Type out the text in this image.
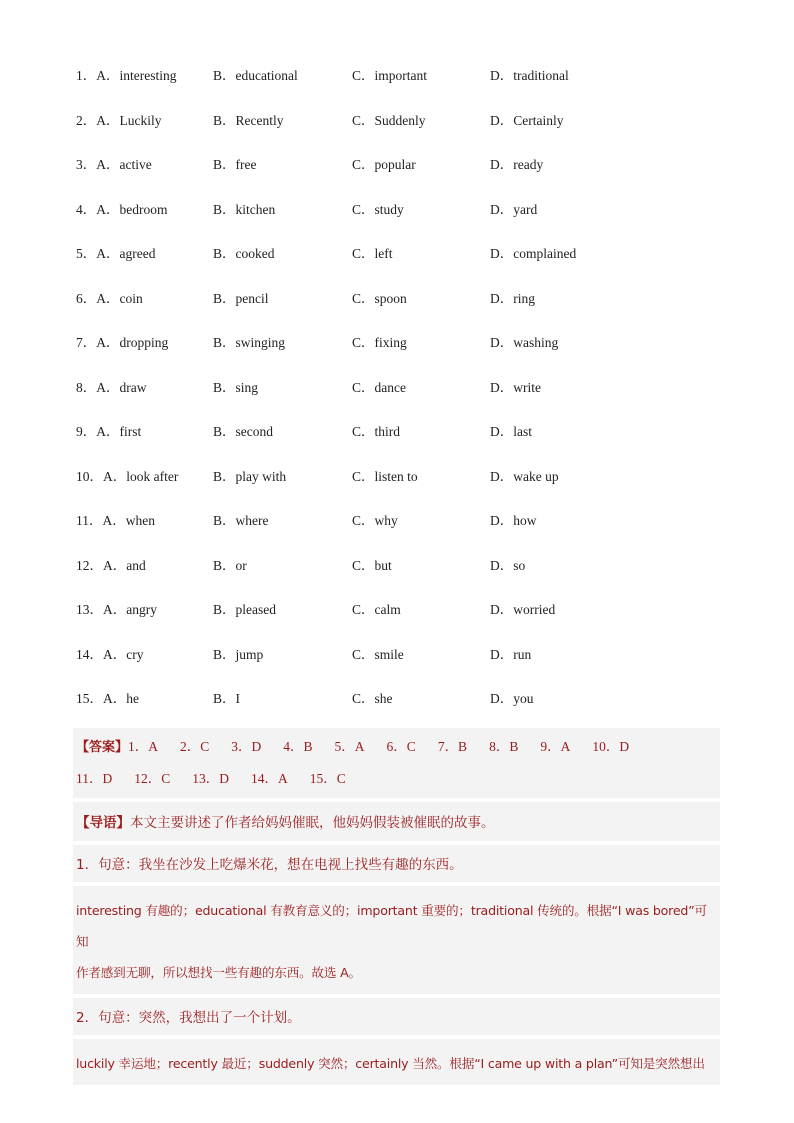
1．A．interesting	B．educational	C．important	D．traditional
2．A．Luckily	B．Recently	C．Suddenly	D．Certainly
3．A．active	B．free	C．popular	D．ready
4．A．bedroom	B．kitchen	C．study	D．yard
5．A．agreed	B．cooked	C．left	D．complained
6．A．coin	B．pencil	C．spoon	D．ring
7．A．dropping	B．swinging	C．fixing	D．washing
8．A．draw	B．sing	C．dance	D．write
9．A．first	B．second	C．third	D．last
10．A．look after	B．play with	C．listen to	D．wake up
11．A．when	B．where	C．why	D．how
12．A．and	B．or	C．but	D．so
13．A．angry	B．pleased	C．calm	D．worried
14．A．cry	B．jump	C．smile	D．run
15．A．he	B．I	C．she	D．you
【答案】1．A 2．C 3．D 4．B 5．A 6．C 7．B 8．B 9．A 10．D
11．D 12．C 13．D 14．A 15．C
【导语】本文主要讲述了作者给妈妈催眠，他妈妈假装被催眠的故事。
1．句意：我坐在沙发上吃爆米花，想在电视上找些有趣的东西。
interesting 有趣的；educational 有教育意义的；important 重要的；traditional 传统的。根据“I was bored”可知
作者感到无聊，所以想找一些有趣的东西。故选 A。
2．句意：突然，我想出了一个计划。
luckily 幸运地；recently 最近；suddenly 突然；certainly 当然。根据“I came up with a plan”可知是突然想出
